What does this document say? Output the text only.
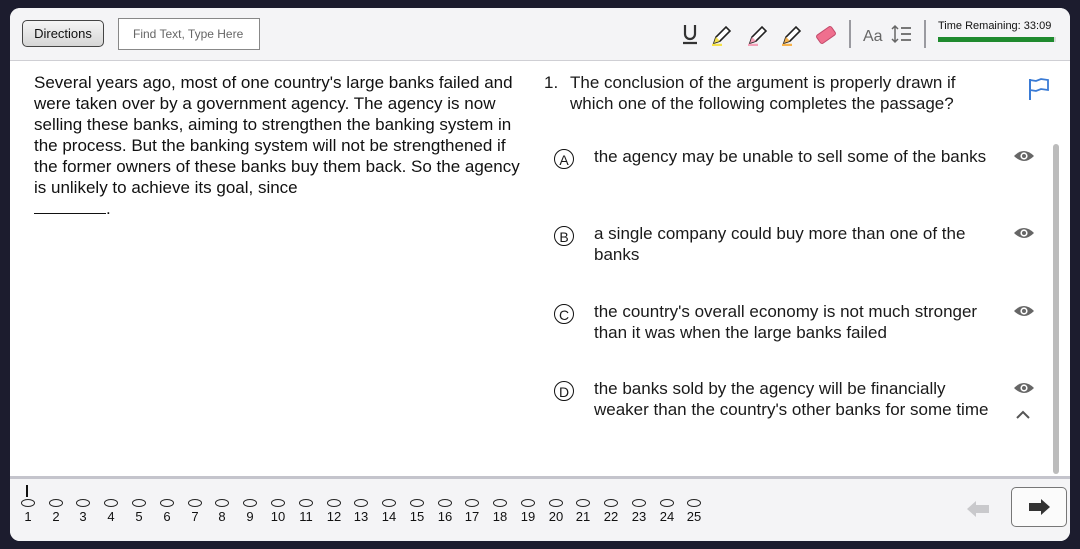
Directions
Find Text, Type Here	Aa
Time Remaining: 33:09
Several years ago, most of one country's large banks failed and were taken over by a government agency. The agency is now selling these banks, aiming to strengthen the banking system in the process. But the banking system will not be strengthened if the former owners of these banks buy them back. So the agency is unlikely to achieve its goal, since
.
1. The conclusion of the argument is properly drawn if which one of the following completes the passage?
A	the agency may be unable to sell some of the banks
B	a single company could buy more than one of the banks
C the country's overall economy is not much stronger than it was when the large banks failed
D the banks sold by the agency will be financially weaker than the country's other banks for some time
1	2	3	4	5	6	7	8	9	10	11	12 13 14 15 16 17 18 19 20 21 22 23 24 25
